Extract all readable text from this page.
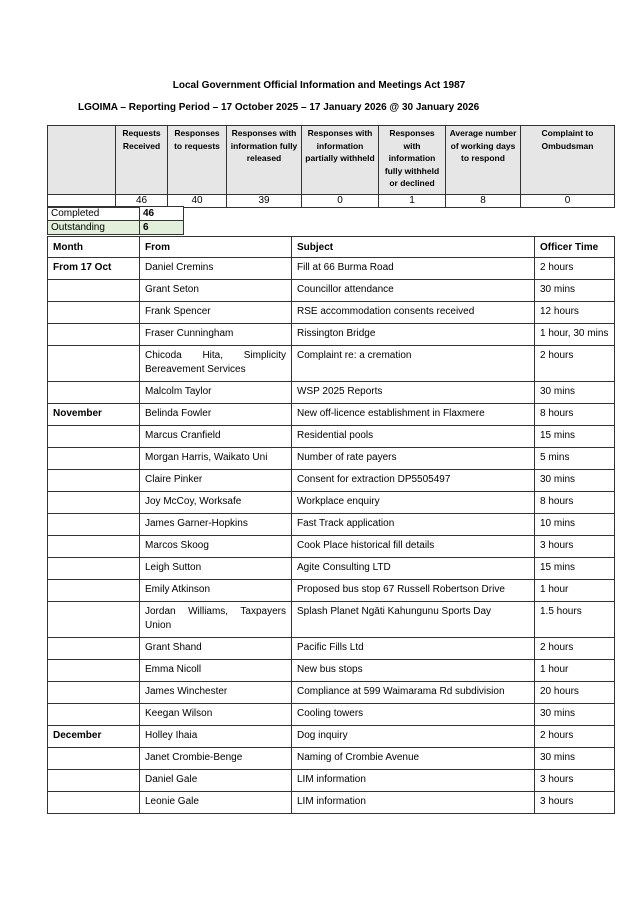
Local Government Official Information and Meetings Act 1987
LGOIMA – Reporting Period – 17 October 2025 – 17 January 2026 @ 30 January 2026
	Requests Received	Responses to requests	Responses with information fully released	Responses with information partially withheld	Responses with information fully withheld or declined	Average number of working days to respond	Complaint to Ombudsman
	46	40	39	0	1	8	0
Completed	46
Outstanding	6
Month	From	Subject	Officer Time
From 17 Oct	Daniel Cremins	Fill at 66 Burma Road	2 hours
	Grant Seton	Councillor attendance	30 mins
	Frank Spencer	RSE accommodation consents received	12 hours
	Fraser Cunningham	Rissington Bridge	1 hour, 30 mins
	Chicoda Hita, Simplicity Bereavement Services	Complaint re: a cremation	2 hours
	Malcolm Taylor	WSP 2025 Reports	30 mins
November	Belinda Fowler	New off-licence establishment in Flaxmere	8 hours
	Marcus Cranfield	Residential pools	15 mins
	Morgan Harris, Waikato Uni	Number of rate payers	5 mins
	Claire Pinker	Consent for extraction DP5505497	30 mins
	Joy McCoy, Worksafe	Workplace enquiry	8 hours
	James Garner-Hopkins	Fast Track application	10 mins
	Marcos Skoog	Cook Place historical fill details	3 hours
	Leigh Sutton	Agite Consulting LTD	15 mins
	Emily Atkinson	Proposed bus stop 67 Russell Robertson Drive	1 hour
	Jordan Williams, Taxpayers Union	Splash Planet Ngāti Kahungunu Sports Day	1.5 hours
	Grant Shand	Pacific Fills Ltd	2 hours
	Emma Nicoll	New bus stops	1 hour
	James Winchester	Compliance at 599 Waimarama Rd subdivision	20 hours
	Keegan Wilson	Cooling towers	30 mins
December	Holley Ihaia	Dog inquiry	2 hours
	Janet Crombie-Benge	Naming of Crombie Avenue	30 mins
	Daniel Gale	LIM information	3 hours
	Leonie Gale	LIM information	3 hours
